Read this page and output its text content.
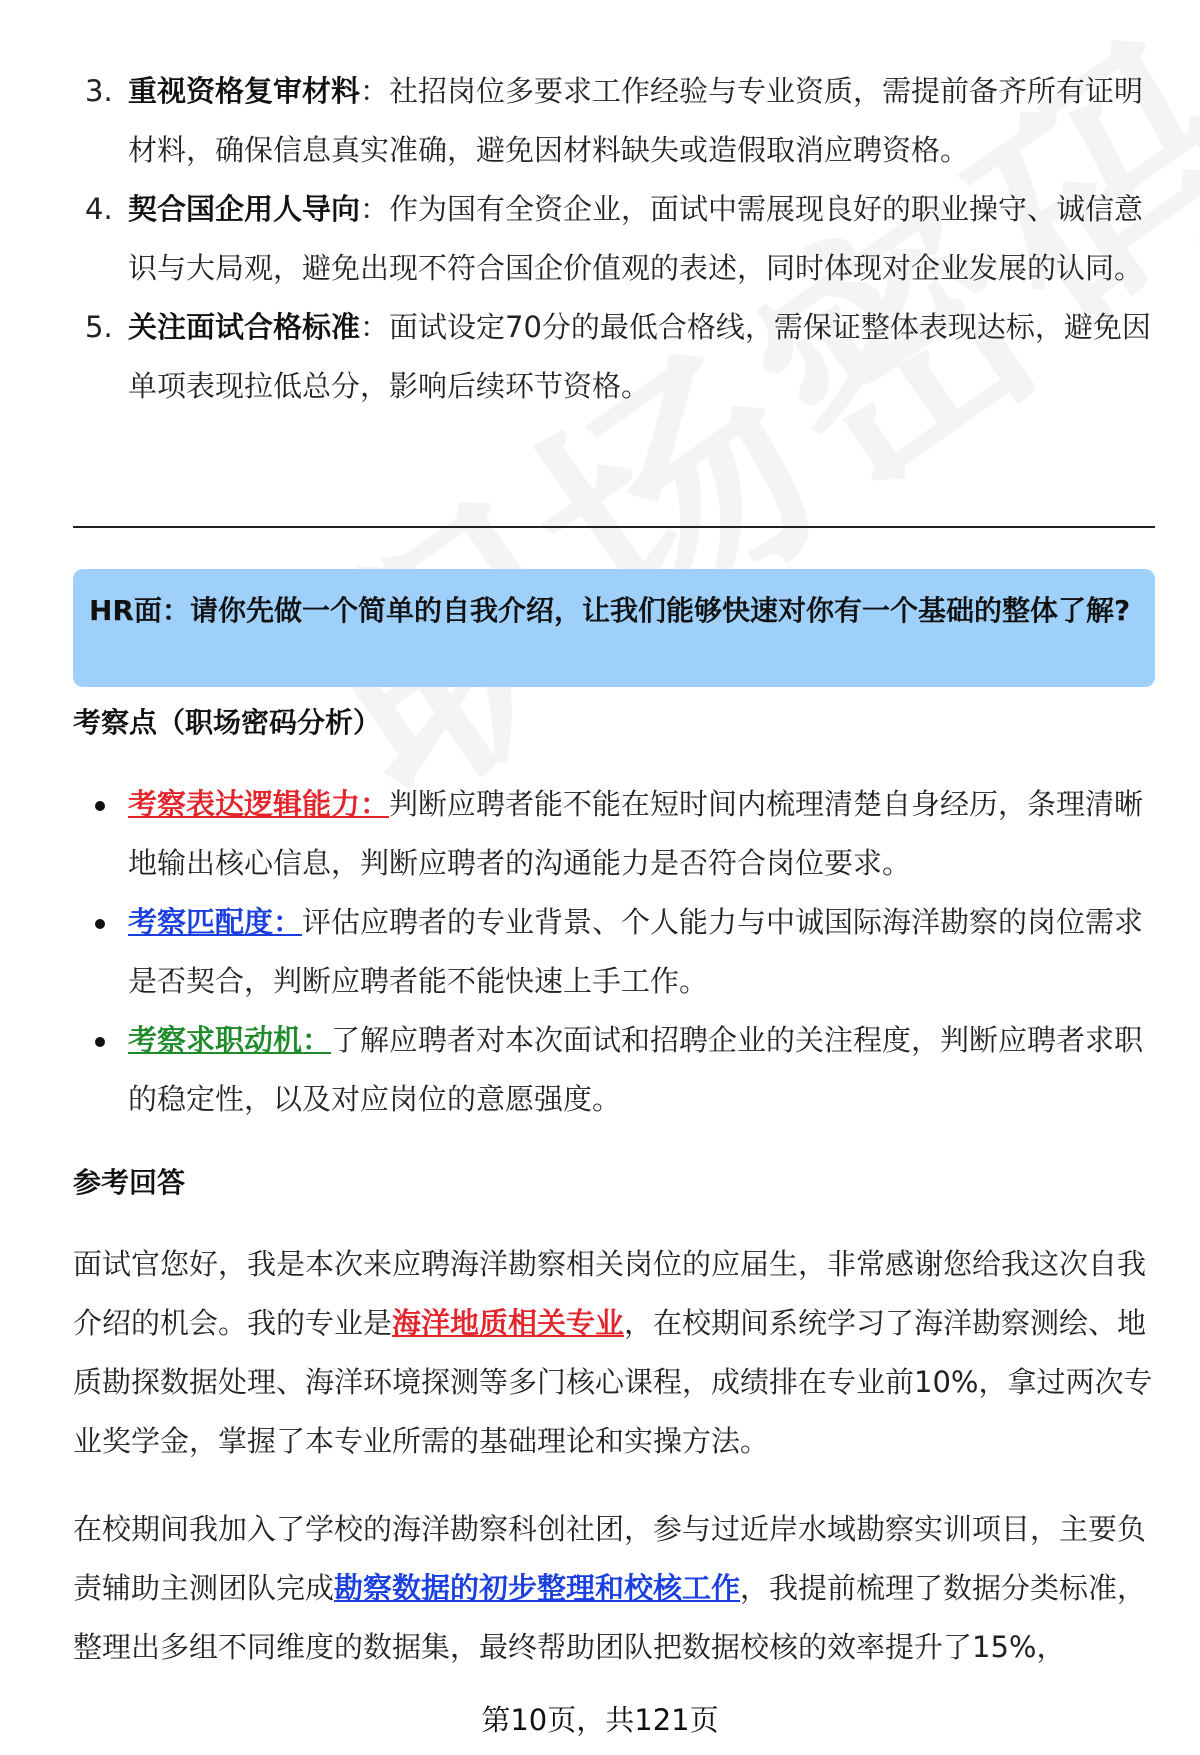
3. 重视资格复审材料：社招岗位多要求工作经验与专业资质，需提前备齐所有证明材料，确保信息真实准确，避免因材料缺失或造假取消应聘资格。
4. 契合国企用人导向：作为国有全资企业，面试中需展现良好的职业操守、诚信意识与大局观，避免出现不符合国企价值观的表述，同时体现对企业发展的认同。
5. 关注面试合格标准：面试设定70分的最低合格线，需保证整体表现达标，避免因单项表现拉低总分，影响后续环节资格。
HR面：请你先做一个简单的自我介绍，让我们能够快速对你有一个基础的整体了解?
考察点（职场密码分析）
考察表达逻辑能力：判断应聘者能不能在短时间内梳理清楚自身经历，条理清晰地输出核心信息，判断应聘者的沟通能力是否符合岗位要求。
考察匹配度：评估应聘者的专业背景、个人能力与中诚国际海洋勘察的岗位需求是否契合，判断应聘者能不能快速上手工作。
考察求职动机：了解应聘者对本次面试和招聘企业的关注程度，判断应聘者求职的稳定性，以及对应岗位的意愿强度。
参考回答

面试官您好，我是本次来应聘海洋勘察相关岗位的应届生，非常感谢您给我这次自我介绍的机会。我的专业是海洋地质相关专业，在校期间系统学习了海洋勘察测绘、地质勘探数据处理、海洋环境探测等多门核心课程，成绩排在专业前10%，拿过两次专业奖学金，掌握了本专业所需的基础理论和实操方法。

在校期间我加入了学校的海洋勘察科创社团，参与过近岸水域勘察实训项目，主要负责辅助主测团队完成勘察数据的初步整理和校核工作，我提前梳理了数据分类标准，整理出多组不同维度的数据集，最终帮助团队把数据校核的效率提升了15%，

第10页，共121页
